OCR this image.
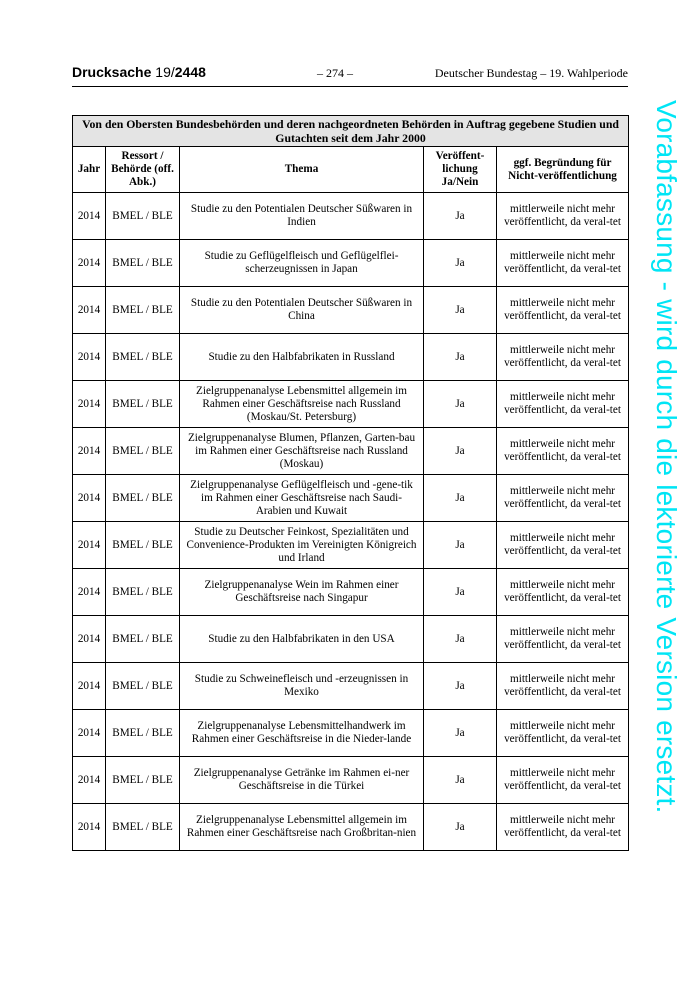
Drucksache 19/2448	– 274 –	Deutscher Bundestag – 19. Wahlperiode
Von den Obersten Bundesbehörden und deren nachgeordneten Behörden in Auftrag gegebene Studien und Gutachten seit dem Jahr 2000				
Jahr	Ressort / Behörde (off. Abk.)	Thema	Veröffent-lichung Ja/Nein	ggf. Begründung für Nicht-veröffentlichung
2014	BMEL / BLE	Studie zu den Potentialen Deutscher Süßwaren in Indien	Ja	mittlerweile nicht mehr veröffentlicht, da veral-tet
2014	BMEL / BLE	Studie zu Geflügelfleisch und Geflügelflei-scherzeugnissen in Japan	Ja	mittlerweile nicht mehr veröffentlicht, da veral-tet
2014	BMEL / BLE	Studie zu den Potentialen Deutscher Süßwaren in China	Ja	mittlerweile nicht mehr veröffentlicht, da veral-tet
2014	BMEL / BLE	Studie zu den Halbfabrikaten in Russland	Ja	mittlerweile nicht mehr veröffentlicht, da veral-tet
2014	BMEL / BLE	Zielgruppenanalyse Lebensmittel allgemein im Rahmen einer Geschäftsreise nach Russland (Moskau/St. Petersburg)	Ja	mittlerweile nicht mehr veröffentlicht, da veral-tet
2014	BMEL / BLE	Zielgruppenanalyse Blumen, Pflanzen, Garten-bau im Rahmen einer Geschäftsreise nach Russland (Moskau)	Ja	mittlerweile nicht mehr veröffentlicht, da veral-tet
2014	BMEL / BLE	Zielgruppenanalyse Geflügelfleisch und -gene-tik im Rahmen einer Geschäftsreise nach Saudi-Arabien und Kuwait	Ja	mittlerweile nicht mehr veröffentlicht, da veral-tet
2014	BMEL / BLE	Studie zu Deutscher Feinkost, Spezialitäten und Convenience-Produkten im Vereinigten Königreich und Irland	Ja	mittlerweile nicht mehr veröffentlicht, da veral-tet
2014	BMEL / BLE	Zielgruppenanalyse Wein im Rahmen einer Geschäftsreise nach Singapur	Ja	mittlerweile nicht mehr veröffentlicht, da veral-tet
2014	BMEL / BLE	Studie zu den Halbfabrikaten in den USA	Ja	mittlerweile nicht mehr veröffentlicht, da veral-tet
2014	BMEL / BLE	Studie zu Schweinefleisch und -erzeugnissen in Mexiko	Ja	mittlerweile nicht mehr veröffentlicht, da veral-tet
2014	BMEL / BLE	Zielgruppenanalyse Lebensmittelhandwerk im Rahmen einer Geschäftsreise in die Nieder-lande	Ja	mittlerweile nicht mehr veröffentlicht, da veral-tet
2014	BMEL / BLE	Zielgruppenanalyse Getränke im Rahmen ei-ner Geschäftsreise in die Türkei	Ja	mittlerweile nicht mehr veröffentlicht, da veral-tet
2014	BMEL / BLE	Zielgruppenanalyse Lebensmittel allgemein im Rahmen einer Geschäftsreise nach Großbritan-nien	Ja	mittlerweile nicht mehr veröffentlicht, da veral-tet
Vorabfassung - wird durch die lektorierte Version ersetzt.
